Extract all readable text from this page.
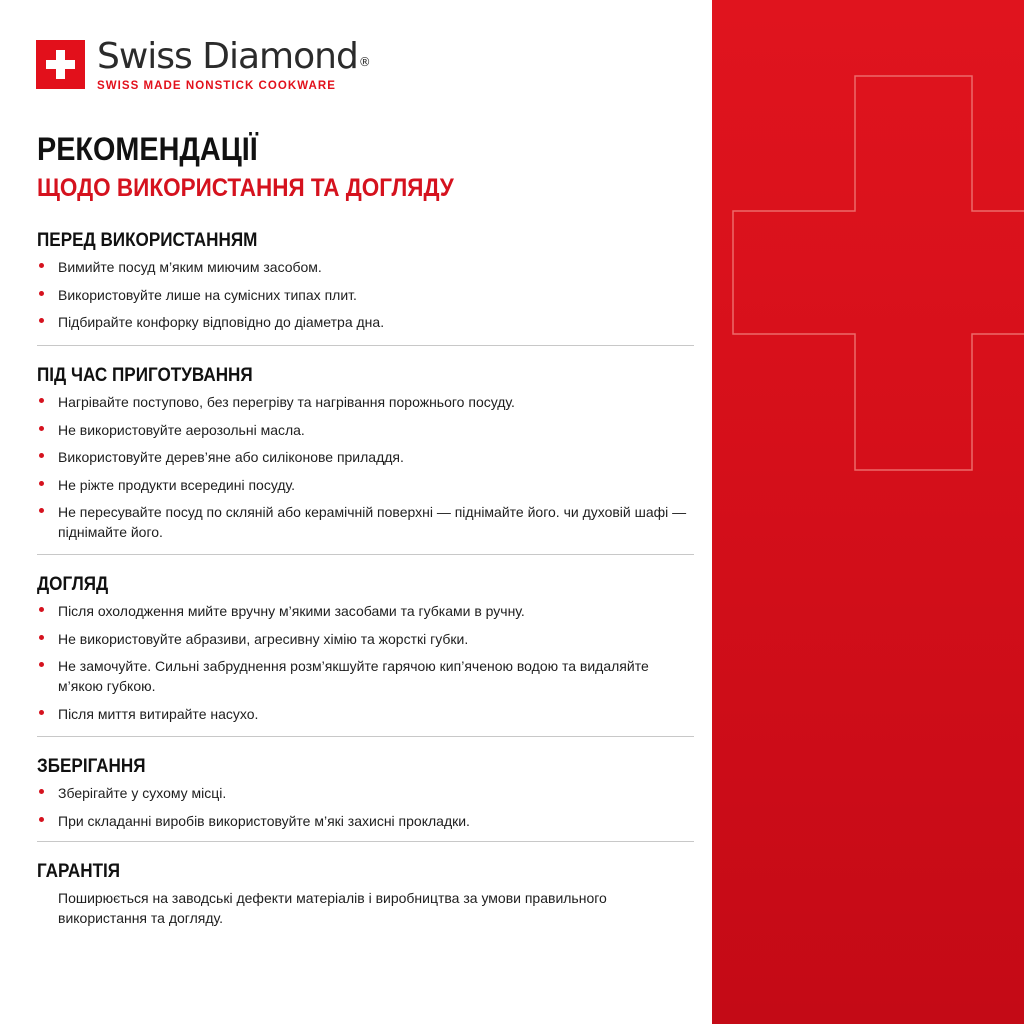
Swiss Diamond®
SWISS MADE NONSTICK COOKWARE
РЕКОМЕНДАЦІЇ
ЩОДО ВИКОРИСТАННЯ ТА ДОГЛЯДУ
ПЕРЕД ВИКОРИСТАННЯМ
Вимийте посуд м’яким миючим засобом.
Використовуйте лише на сумісних типах плит.
Підбирайте конфорку відповідно до діаметра дна.
ПІД ЧАС ПРИГОТУВАННЯ
Нагрівайте поступово, без перегріву та нагрівання порожнього посуду.
Не використовуйте аерозольні масла.
Використовуйте дерев’яне або силіконове приладдя.
Не ріжте продукти всередині посуду.
Не пересувайте посуд по скляній або керамічній поверхні — піднімайте його. чи духовій шафі — піднімайте його.
ДОГЛЯД
Після охолодження мийте вручну м’якими засобами та губками в ручну.
Не використовуйте абразиви, агресивну хімію та жорсткі губки.
Не замочуйте. Сильні забруднення розм’якшуйте гарячою кип’яченою водою та видаляйте м’якою губкою.
Після миття витирайте насухо.
ЗБЕРІГАННЯ
Зберігайте у сухому місці.
При складанні виробів використовуйте м’які захисні прокладки.
ГАРАНТІЯ

Поширюється на заводські дефекти матеріалів і виробництва за умови правильного використання та догляду.
